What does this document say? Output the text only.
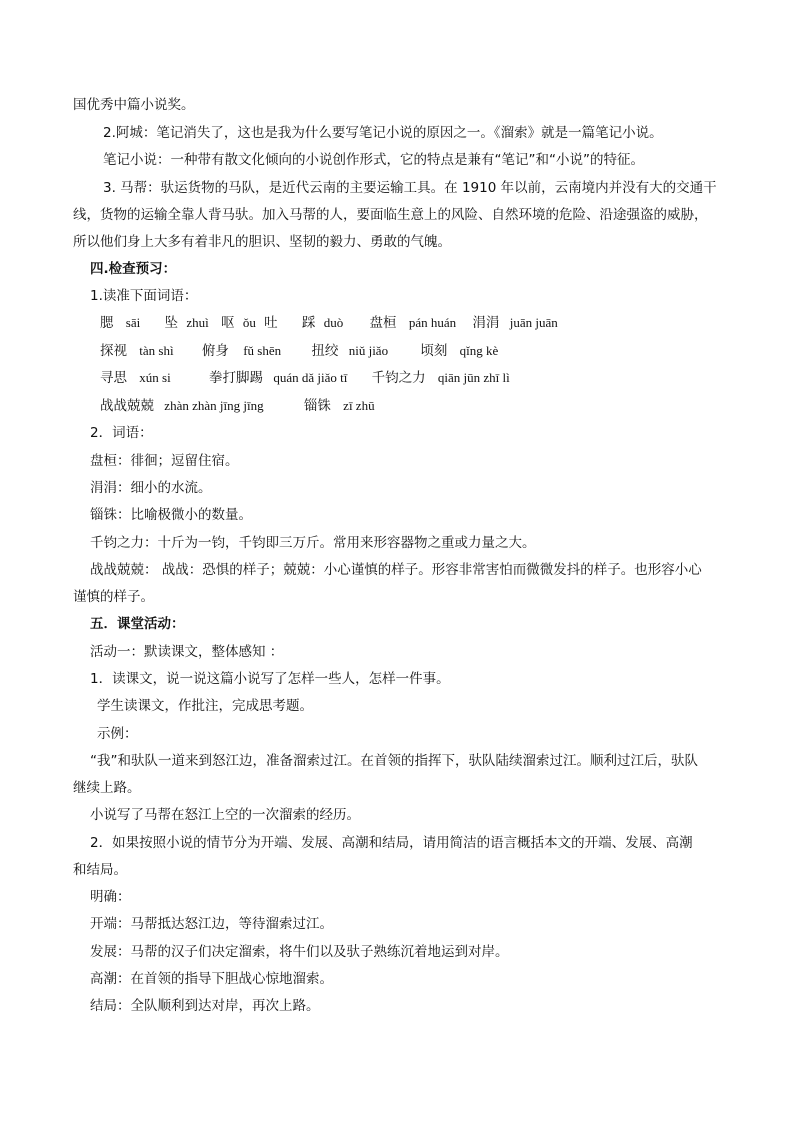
国优秀中篇小说奖。
2.阿城：笔记消失了，这也是我为什么要写笔记小说的原因之一。《溜索》就是一篇笔记小说。
笔记小说：一种带有散文化倾向的小说创作形式，它的特点是兼有“笔记”和“小说”的特征。
3. 马帮：驮运货物的马队，是近代云南的主要运输工具。在 1910 年以前，云南境内并没有大的交通干
线，货物的运输全靠人背马驮。加入马帮的人，要面临生意上的风险、自然环境的危险、沿途强盗的威胁，
所以他们身上大多有着非凡的胆识、坚韧的毅力、勇敢的气魄。
四.检查预习：
1.读准下面词语：
腮 sāi 坠 zhuì 呕 ǒu 吐 踩 duò 盘桓 pán huán 涓涓 juān juān
探视 tàn shì 俯身 fǔ shēn 扭绞 niǔ jiǎo 顷刻 qǐng kè
寻思 xún si	拳打脚踢 quán dǎ jiǎo tī 千钧之力 qiān jūn zhī lì
战战兢兢 zhàn zhàn jīng jīng	锱铢 zī zhū
2．词语：
盘桓：徘徊；逗留住宿。
涓涓：细小的水流。
锱铢：比喻极微小的数量。
千钧之力：十斤为一钧，千钧即三万斤。常用来形容器物之重或力量之大。
战战兢兢： 战战：恐惧的样子；兢兢：小心谨慎的样子。形容非常害怕而微微发抖的样子。也形容小心
谨慎的样子。
五．课堂活动：
活动一：默读课文，整体感知 ：
1．读课文，说一说这篇小说写了怎样一些人，怎样一件事。
学生读课文，作批注，完成思考题。
示例：
“我”和驮队一道来到怒江边，准备溜索过江。在首领的指挥下，驮队陆续溜索过江。顺利过江后，驮队
继续上路。
小说写了马帮在怒江上空的一次溜索的经历。
2．如果按照小说的情节分为开端、发展、高潮和结局，请用简洁的语言概括本文的开端、发展、高潮
和结局。
明确：
开端：马帮抵达怒江边，等待溜索过江。
发展：马帮的汉子们决定溜索，将牛们以及驮子熟练沉着地运到对岸。
高潮：在首领的指导下胆战心惊地溜索。
结局：全队顺利到达对岸，再次上路。
